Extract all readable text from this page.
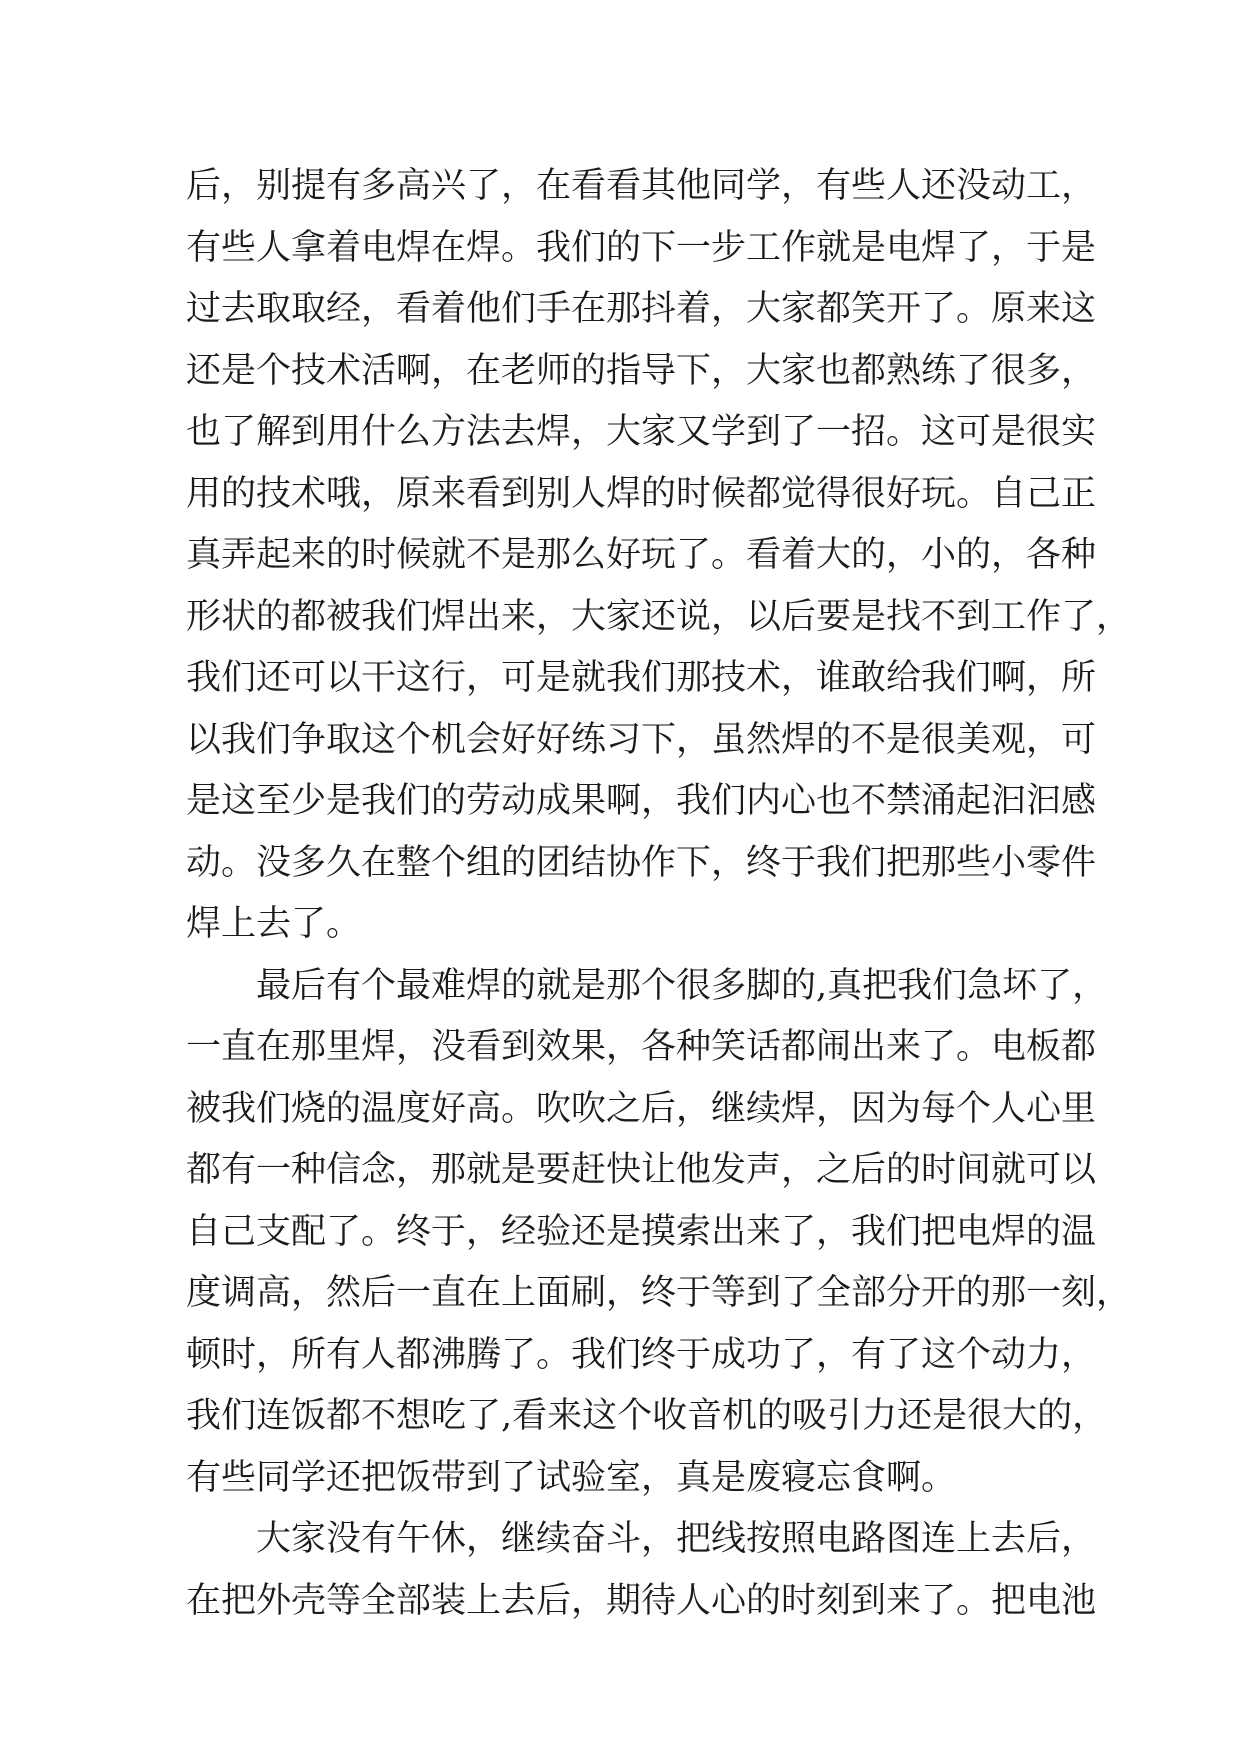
后，别提有多高兴了，在看看其他同学，有些人还没动工，
有些人拿着电焊在焊。我们的下一步工作就是电焊了，于是
过去取取经，看着他们手在那抖着，大家都笑开了。原来这
还是个技术活啊，在老师的指导下，大家也都熟练了很多，
也了解到用什么方法去焊，大家又学到了一招。这可是很实
用的技术哦，原来看到别人焊的时候都觉得很好玩。自己正
真弄起来的时候就不是那么好玩了。看着大的，小的，各种
形状的都被我们焊出来，大家还说，以后要是找不到工作了，
我们还可以干这行，可是就我们那技术，谁敢给我们啊，所
以我们争取这个机会好好练习下，虽然焊的不是很美观，可
是这至少是我们的劳动成果啊，我们内心也不禁涌起汩汩感
动。没多久在整个组的团结协作下，终于我们把那些小零件
焊上去了。
最后有个最难焊的就是那个很多脚的,真把我们急坏了，
一直在那里焊，没看到效果，各种笑话都闹出来了。电板都
被我们烧的温度好高。吹吹之后，继续焊，因为每个人心里
都有一种信念，那就是要赶快让他发声，之后的时间就可以
自己支配了。终于，经验还是摸索出来了，我们把电焊的温
度调高，然后一直在上面刷，终于等到了全部分开的那一刻，
顿时，所有人都沸腾了。我们终于成功了，有了这个动力，
我们连饭都不想吃了,看来这个收音机的吸引力还是很大的，
有些同学还把饭带到了试验室，真是废寝忘食啊。
大家没有午休，继续奋斗，把线按照电路图连上去后，
在把外壳等全部装上去后，期待人心的时刻到来了。把电池
